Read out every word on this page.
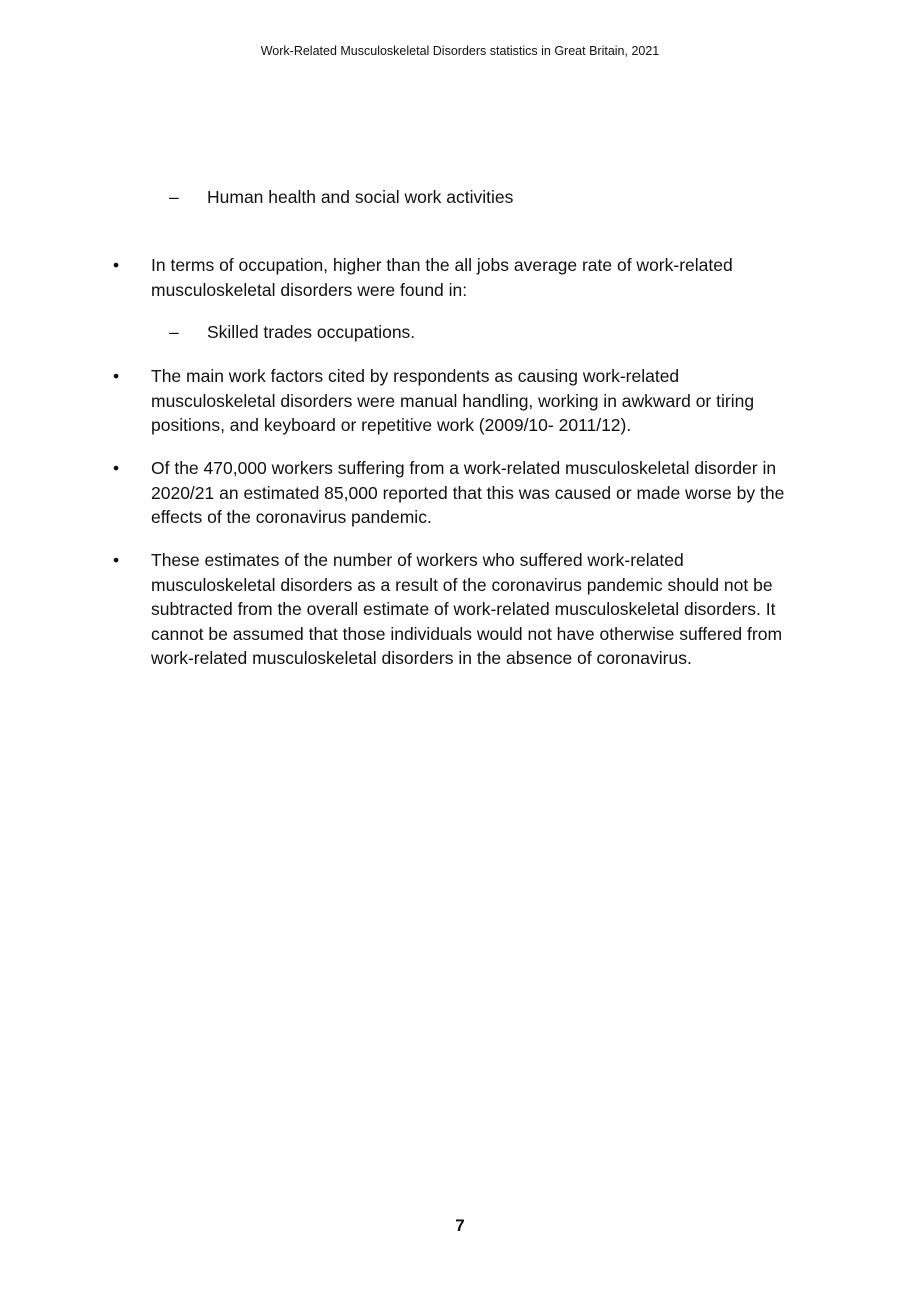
Work-Related Musculoskeletal Disorders statistics in Great Britain, 2021
– Human health and social work activities
• In terms of occupation, higher than the all jobs average rate of work-related musculoskeletal disorders were found in:
– Skilled trades occupations.
• The main work factors cited by respondents as causing work-related musculoskeletal disorders were manual handling, working in awkward or tiring positions, and keyboard or repetitive work (2009/10- 2011/12).
• Of the 470,000 workers suffering from a work-related musculoskeletal disorder in 2020/21 an estimated 85,000 reported that this was caused or made worse by the effects of the coronavirus pandemic.
• These estimates of the number of workers who suffered work-related musculoskeletal disorders as a result of the coronavirus pandemic should not be subtracted from the overall estimate of work-related musculoskeletal disorders. It cannot be assumed that those individuals would not have otherwise suffered from work-related musculoskeletal disorders in the absence of coronavirus.
7
